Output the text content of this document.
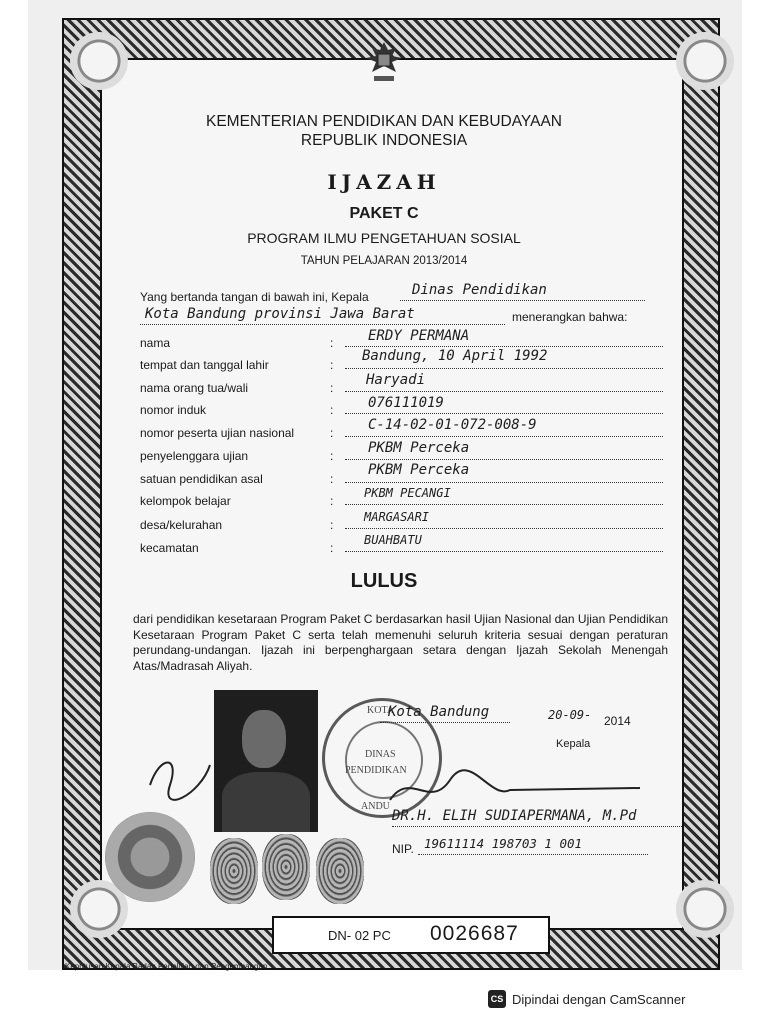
KEMENTERIAN PENDIDIKAN DAN KEBUDAYAAN
REPUBLIK INDONESIA
IJAZAH
PAKET C
PROGRAM ILMU PENGETAHUAN SOSIAL
TAHUN PELAJARAN 2013/2014
Yang bertanda tangan di bawah ini, Kepala	Dinas Pendidikan
Kota Bandung provinsi Jawa Barat	menerangkan bahwa:
nama	: ERDY PERMANA
tempat dan tanggal lahir	:
Bandung, 10 April 1992
nama orang tua/wali	: Haryadi
nomor induk	: 076111019
nomor peserta ujian nasional	: C-14-02-01-072-008-9
penyelenggara ujian	: PKBM Perceka
satuan pendidikan asal	:
PKBM Perceka
kelompok belajar	:
PKBM PECANGI
desa/kelurahan	:
MARGASARI
kecamatan	:
BUAHBATU
LULUS
dari pendidikan kesetaraan Program Paket C berdasarkan hasil Ujian Nasional dan Ujian Pendidikan Kesetaraan Program Paket C serta telah memenuhi seluruh kriteria sesuai dengan peraturan perundang-undangan. Ijazah ini berpenghargaan setara dengan Ijazah Sekolah Menengah Atas/Madrasah Aliyah.
KOTA
DINAS
PENDIDIKAN
ANDU
Kota Bandung	20-09- 2014
Kepala
DR.H. ELIH SUDIAPERMANA, M.Pd
NIP. 19611114 198703 1 001
DN- 02 PC 0026687
Keputusan Kepala Badan Penelitian dan Pengembangan
CS Dipindai dengan CamScanner
